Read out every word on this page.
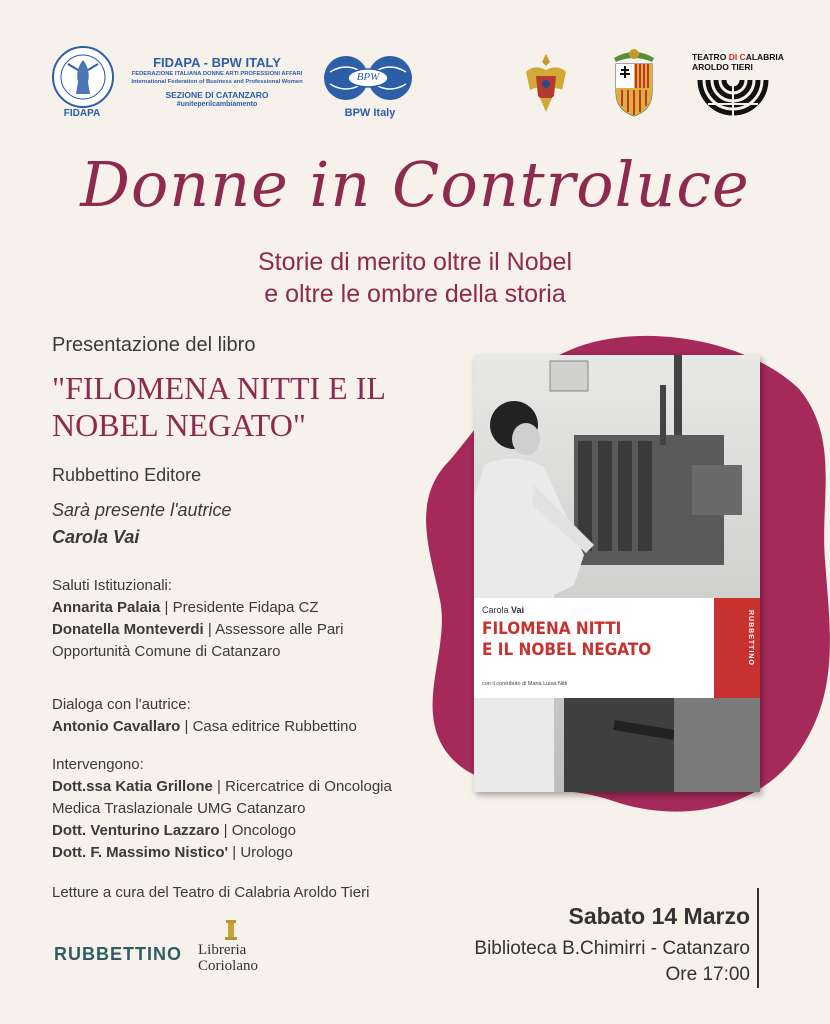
FIDAPA
FIDAPA - BPW ITALY
FEDERAZIONE ITALIANA DONNE ARTI PROFESSIONI AFFARI
International Federation of Business and Professional Women
SEZIONE DI CATANZARO
#uniteperilcambiamento
BPW
BPW Italy
TEATRO DI CALABRIA
AROLDO TIERI
Donne in Controluce
Storie di merito oltre il Nobel
e oltre le ombre della storia
RUBBETTINO
Carola Vai
FILOMENA NITTI
E IL NOBEL NEGATO
con il contributo di Maria Luisa Nitti
Presentazione del libro
"FILOMENA NITTI E IL
NOBEL NEGATO"
Rubbettino Editore
Sarà presente l'autrice
Carola Vai
Saluti Istituzionali:
Annarita Palaia | Presidente Fidapa CZ
Donatella Monteverdi | Assessore alle Pari
Opportunità Comune di Catanzaro
Dialoga con l'autrice:
Antonio Cavallaro | Casa editrice Rubbettino
Intervengono:
Dott.ssa Katia Grillone | Ricercatrice di Oncologia
Medica Traslazionale UMG Catanzaro
Dott. Venturino Lazzaro | Oncologo
Dott. F. Massimo Nistico' | Urologo
Letture a cura del Teatro di Calabria Aroldo Tieri
RUBBETTINO Libreria
Coriolano
Sabato 14 Marzo
Biblioteca B.Chimirri - Catanzaro
Ore 17:00
